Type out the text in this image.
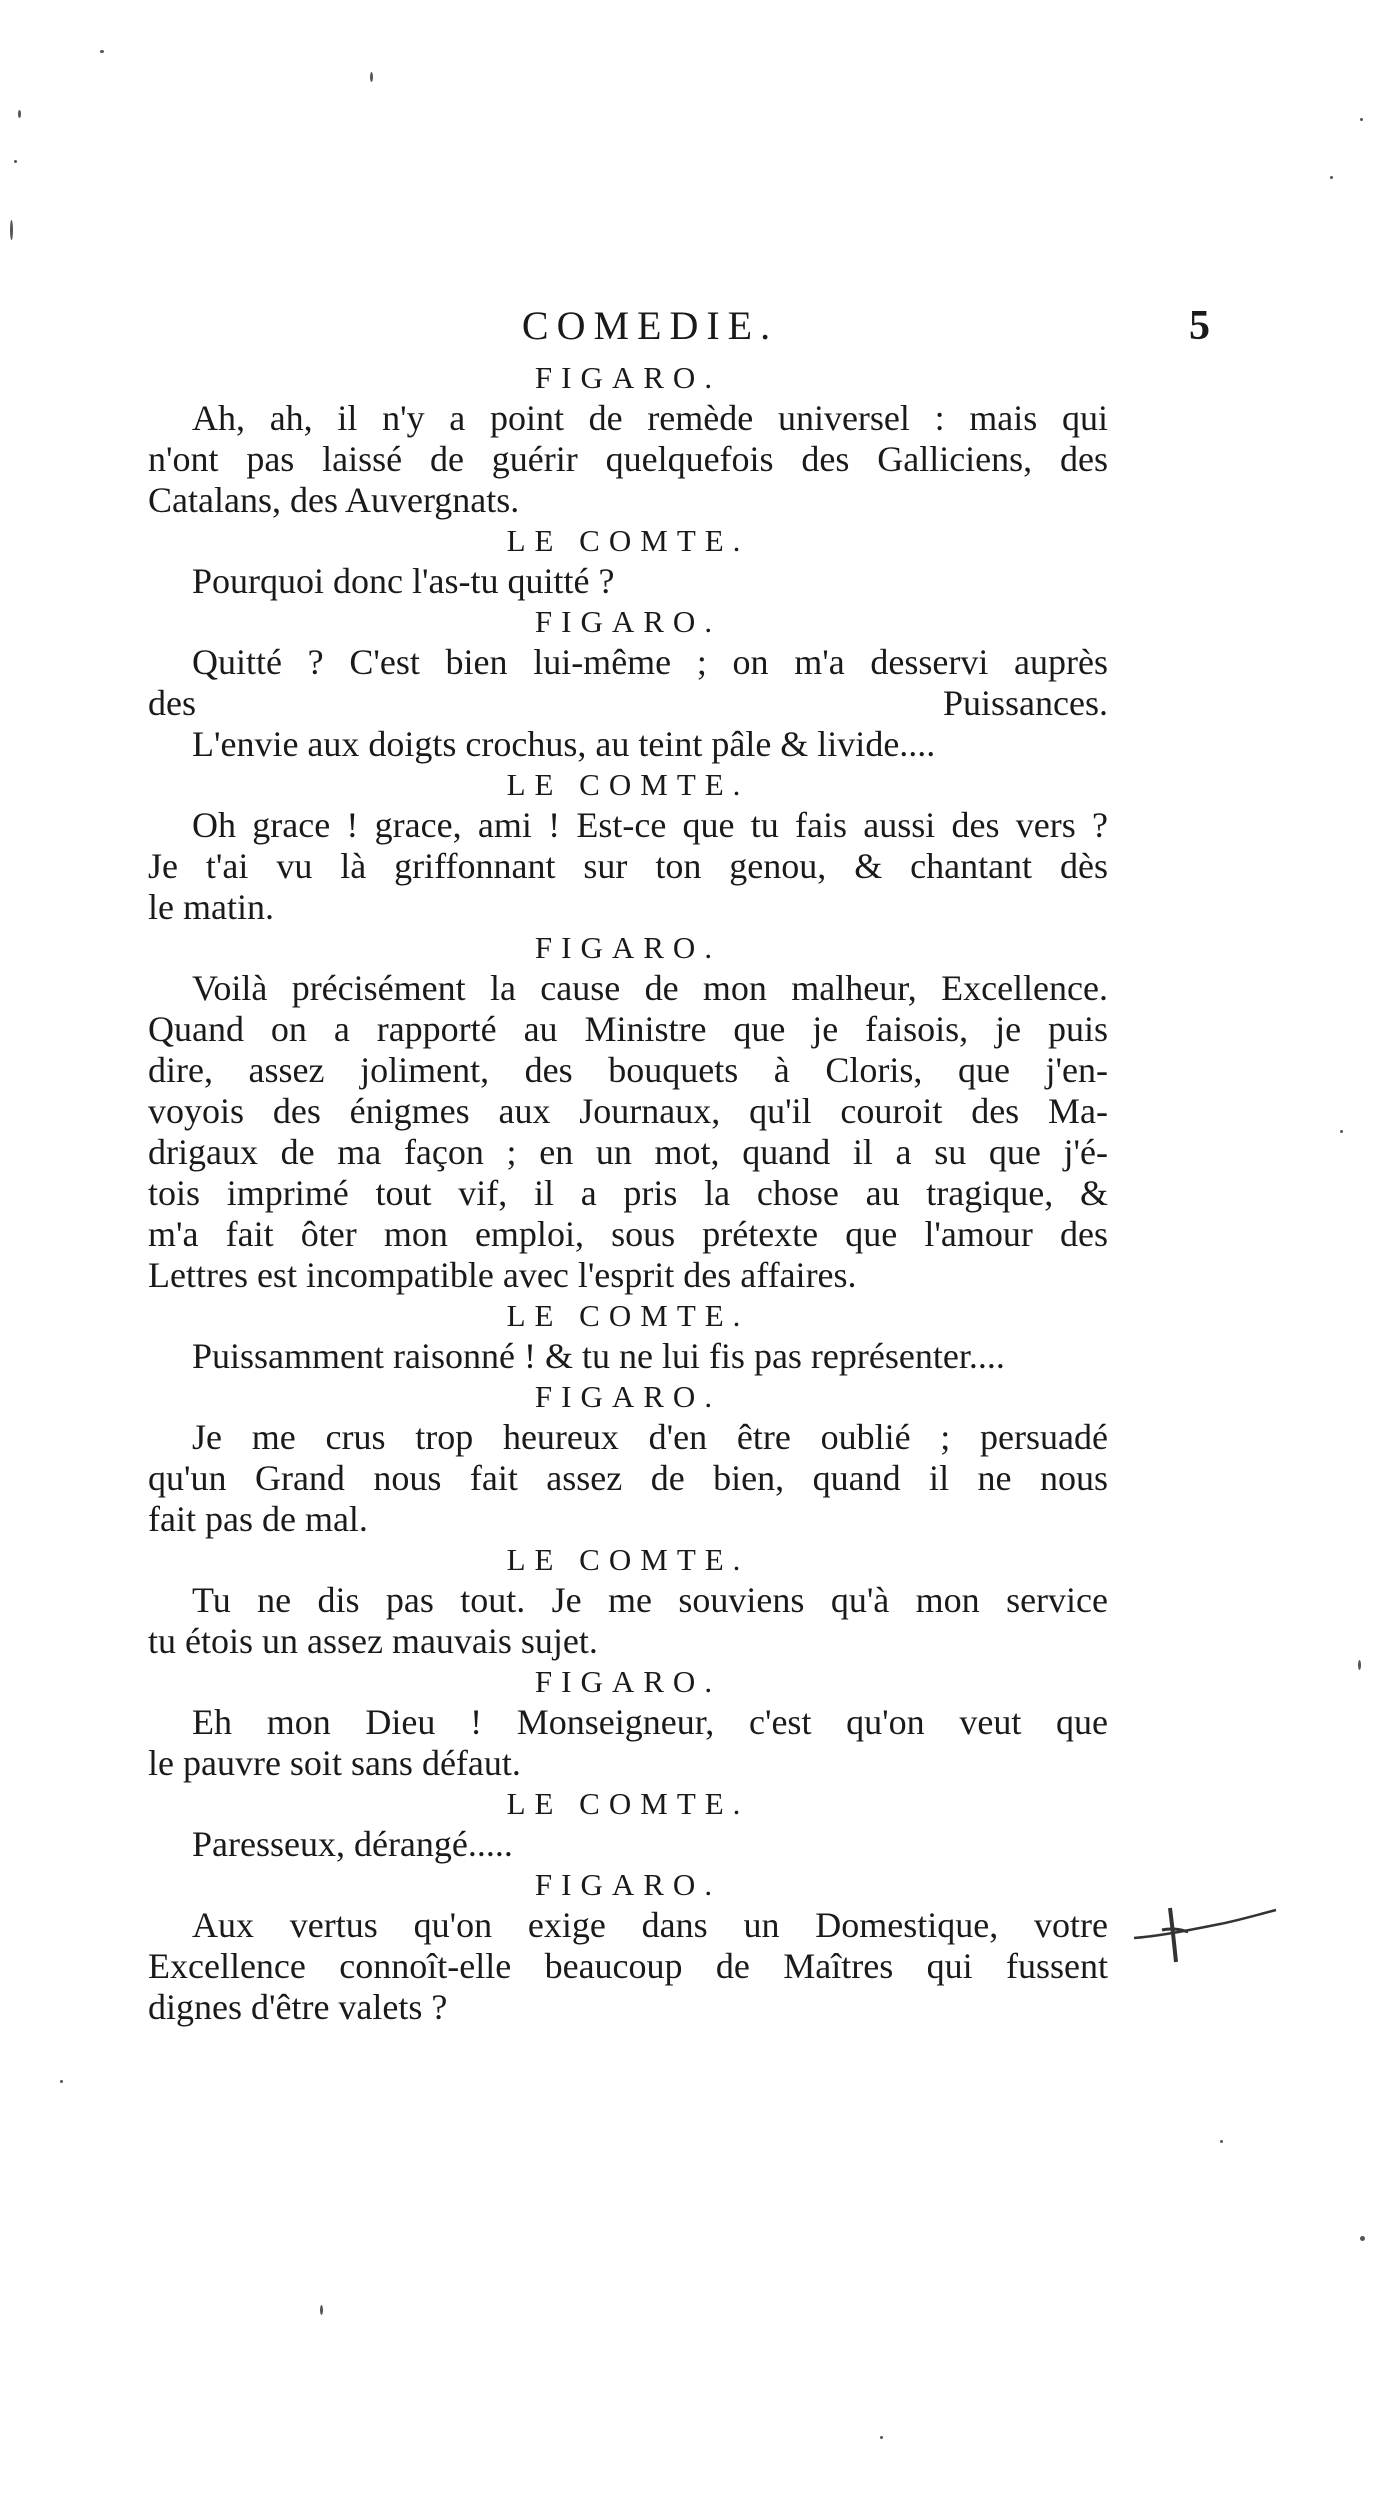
COMEDIE.	5
FIGARO.
Ah, ah, il n'y a point de remède universel : mais qui
n'ont pas laissé de guérir quelquefois des Galliciens, des
Catalans, des Auvergnats.
LE COMTE.
Pourquoi donc l'as-tu quitté ?
FIGARO.
Quitté ? C'est bien lui-même ; on m'a desservi auprès
des Puissances.
L'envie aux doigts crochus, au teint pâle & livide....
LE COMTE.
Oh grace ! grace, ami ! Est-ce que tu fais aussi des vers ?
Je t'ai vu là griffonnant sur ton genou, & chantant dès
le matin.
FIGARO.
Voilà précisément la cause de mon malheur, Excellence.
Quand on a rapporté au Ministre que je faisois, je puis
dire, assez joliment, des bouquets à Cloris, que j'en-
voyois des énigmes aux Journaux, qu'il couroit des Ma-
drigaux de ma façon ; en un mot, quand il a su que j'é-
tois imprimé tout vif, il a pris la chose au tragique, &
m'a fait ôter mon emploi, sous prétexte que l'amour des
Lettres est incompatible avec l'esprit des affaires.
LE COMTE.
Puissamment raisonné ! & tu ne lui fis pas représenter....
FIGARO.
Je me crus trop heureux d'en être oublié ; persuadé
qu'un Grand nous fait assez de bien, quand il ne nous
fait pas de mal.
LE COMTE.
Tu ne dis pas tout. Je me souviens qu'à mon service
tu étois un assez mauvais sujet.
FIGARO.
Eh mon Dieu ! Monseigneur, c'est qu'on veut que
le pauvre soit sans défaut.
LE COMTE.
Paresseux, dérangé.....
FIGARO.
Aux vertus qu'on exige dans un Domestique, votre
Excellence connoît-elle beaucoup de Maîtres qui fussent
dignes d'être valets ?
